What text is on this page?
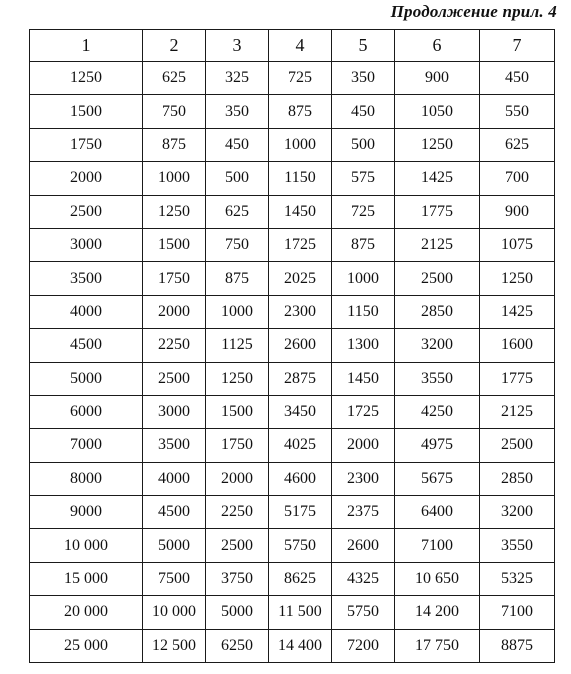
Продолжение прил. 4
1	2	3	4	5	6	7
1250	625	325	725	350	900	450
1500	750	350	875	450	1050	550
1750	875	450	1000	500	1250	625
2000	1000	500	1150	575	1425	700
2500	1250	625	1450	725	1775	900
3000	1500	750	1725	875	2125	1075
3500	1750	875	2025	1000	2500	1250
4000	2000	1000	2300	1150	2850	1425
4500	2250	1125	2600	1300	3200	1600
5000	2500	1250	2875	1450	3550	1775
6000	3000	1500	3450	1725	4250	2125
7000	3500	1750	4025	2000	4975	2500
8000	4000	2000	4600	2300	5675	2850
9000	4500	2250	5175	2375	6400	3200
10 000	5000	2500	5750	2600	7100	3550
15 000	7500	3750	8625	4325	10 650	5325
20 000	10 000	5000	11 500	5750	14 200	7100
25 000	12 500	6250	14 400	7200	17 750	8875
